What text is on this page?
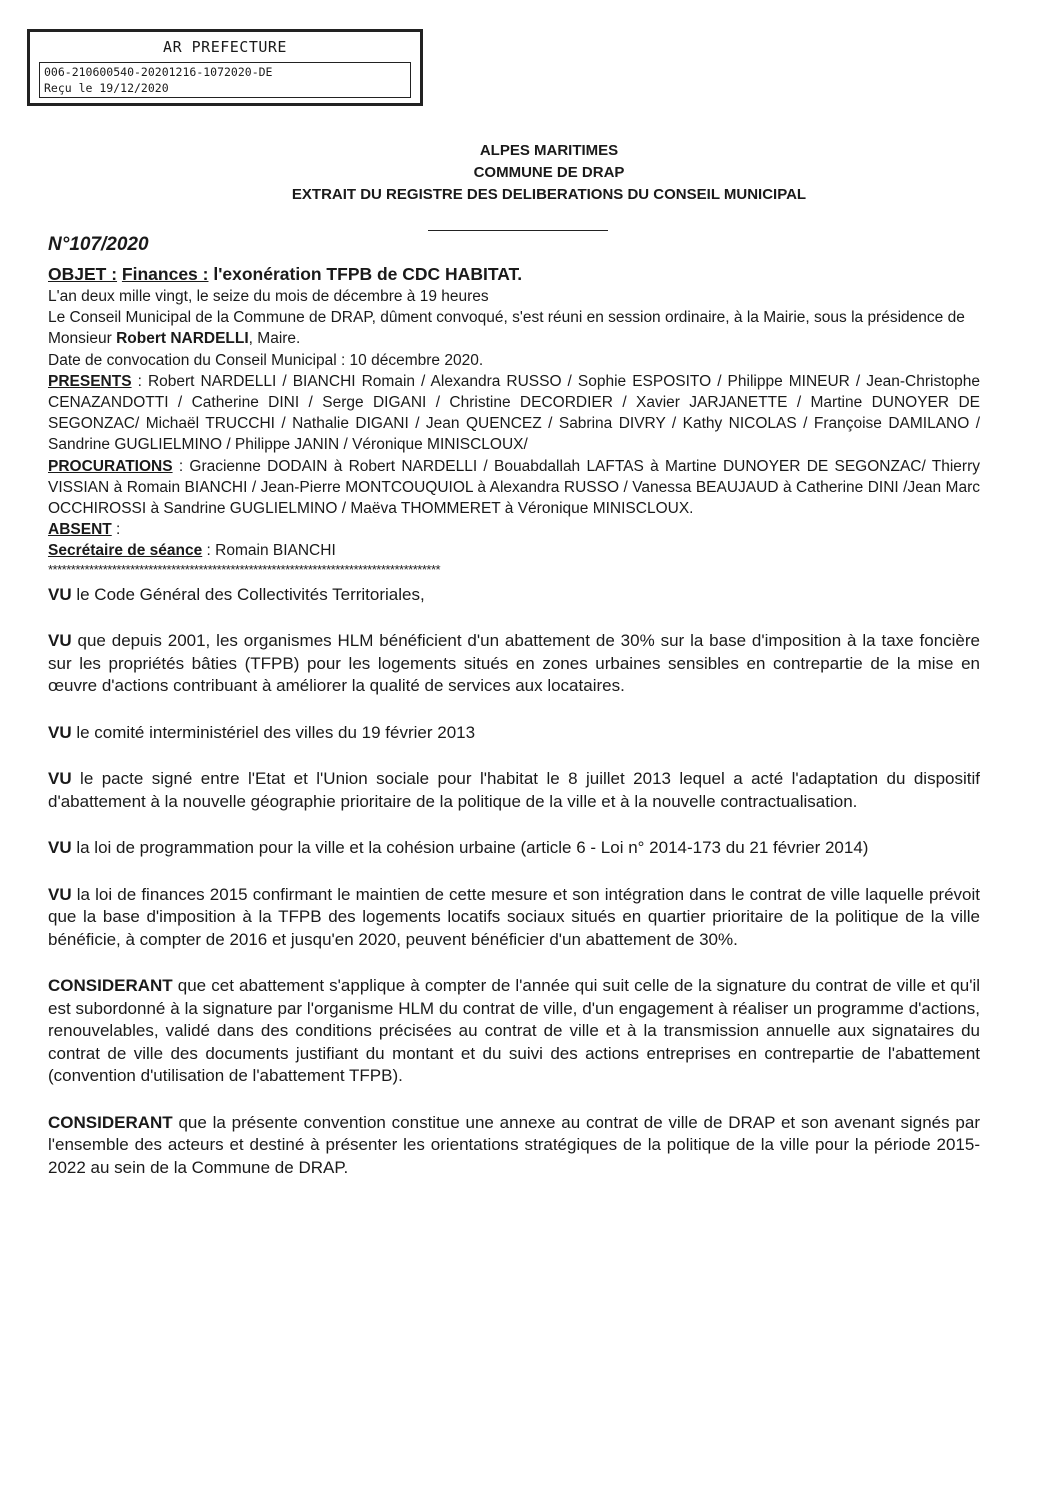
AR PREFECTURE
006-210600540-20201216-1072020-DE
Reçu le 19/12/2020
ALPES MARITIMES
COMMUNE DE DRAP
EXTRAIT DU REGISTRE DES DELIBERATIONS DU CONSEIL MUNICIPAL
N°107/2020
OBJET : Finances : l'exonération TFPB de CDC HABITAT.
L'an deux mille vingt, le seize du mois de décembre à 19 heures
Le Conseil Municipal de la Commune de DRAP, dûment convoqué, s'est réuni en session ordinaire, à la Mairie, sous la présidence de Monsieur Robert NARDELLI, Maire.
Date de convocation du Conseil Municipal : 10 décembre 2020.
PRESENTS : Robert NARDELLI / BIANCHI Romain / Alexandra RUSSO / Sophie ESPOSITO / Philippe MINEUR / Jean-Christophe CENAZANDOTTI / Catherine DINI / Serge DIGANI / Christine DECORDIER / Xavier JARJANETTE / Martine DUNOYER DE SEGONZAC/ Michaël TRUCCHI / Nathalie DIGANI / Jean QUENCEZ / Sabrina DIVRY / Kathy NICOLAS / Françoise DAMILANO / Sandrine GUGLIELMINO / Philippe JANIN / Véronique MINISCLOUX/
PROCURATIONS : Gracienne DODAIN à Robert NARDELLI / Bouabdallah LAFTAS à Martine DUNOYER DE SEGONZAC/ Thierry VISSIAN à Romain BIANCHI / Jean-Pierre MONTCOUQUIOL à Alexandra RUSSO / Vanessa BEAUJAUD à Catherine DINI /Jean Marc OCCHIROSSI à Sandrine GUGLIELMINO / Maëva THOMMERET à Véronique MINISCLOUX.
ABSENT :
Secrétaire de séance : Romain BIANCHI
**************************************************************************************

VU le Code Général des Collectivités Territoriales,

VU que depuis 2001, les organismes HLM bénéficient d'un abattement de 30% sur la base d'imposition à la taxe foncière sur les propriétés bâties (TFPB) pour les logements situés en zones urbaines sensibles en contrepartie de la mise en œuvre d'actions contribuant à améliorer la qualité de services aux locataires.

VU le comité interministériel des villes du 19 février 2013

VU le pacte signé entre l'Etat et l'Union sociale pour l'habitat le 8 juillet 2013 lequel a acté l'adaptation du dispositif d'abattement à la nouvelle géographie prioritaire de la politique de la ville et à la nouvelle contractualisation.

VU la loi de programmation pour la ville et la cohésion urbaine (article 6 - Loi n° 2014-173 du 21 février 2014)

VU la loi de finances 2015 confirmant le maintien de cette mesure et son intégration dans le contrat de ville laquelle prévoit que la base d'imposition à la TFPB des logements locatifs sociaux situés en quartier prioritaire de la politique de la ville bénéficie, à compter de 2016 et jusqu'en 2020, peuvent bénéficier d'un abattement de 30%.

CONSIDERANT que cet abattement s'applique à compter de l'année qui suit celle de la signature du contrat de ville et qu'il est subordonné à la signature par l'organisme HLM du contrat de ville, d'un engagement à réaliser un programme d'actions, renouvelables, validé dans des conditions précisées au contrat de ville et à la transmission annuelle aux signataires du contrat de ville des documents justifiant du montant et du suivi des actions entreprises en contrepartie de l'abattement (convention d'utilisation de l'abattement TFPB).

CONSIDERANT que la présente convention constitue une annexe au contrat de ville de DRAP et son avenant signés par l'ensemble des acteurs et destiné à présenter les orientations stratégiques de la politique de la ville pour la période 2015-2022 au sein de la Commune de DRAP.
